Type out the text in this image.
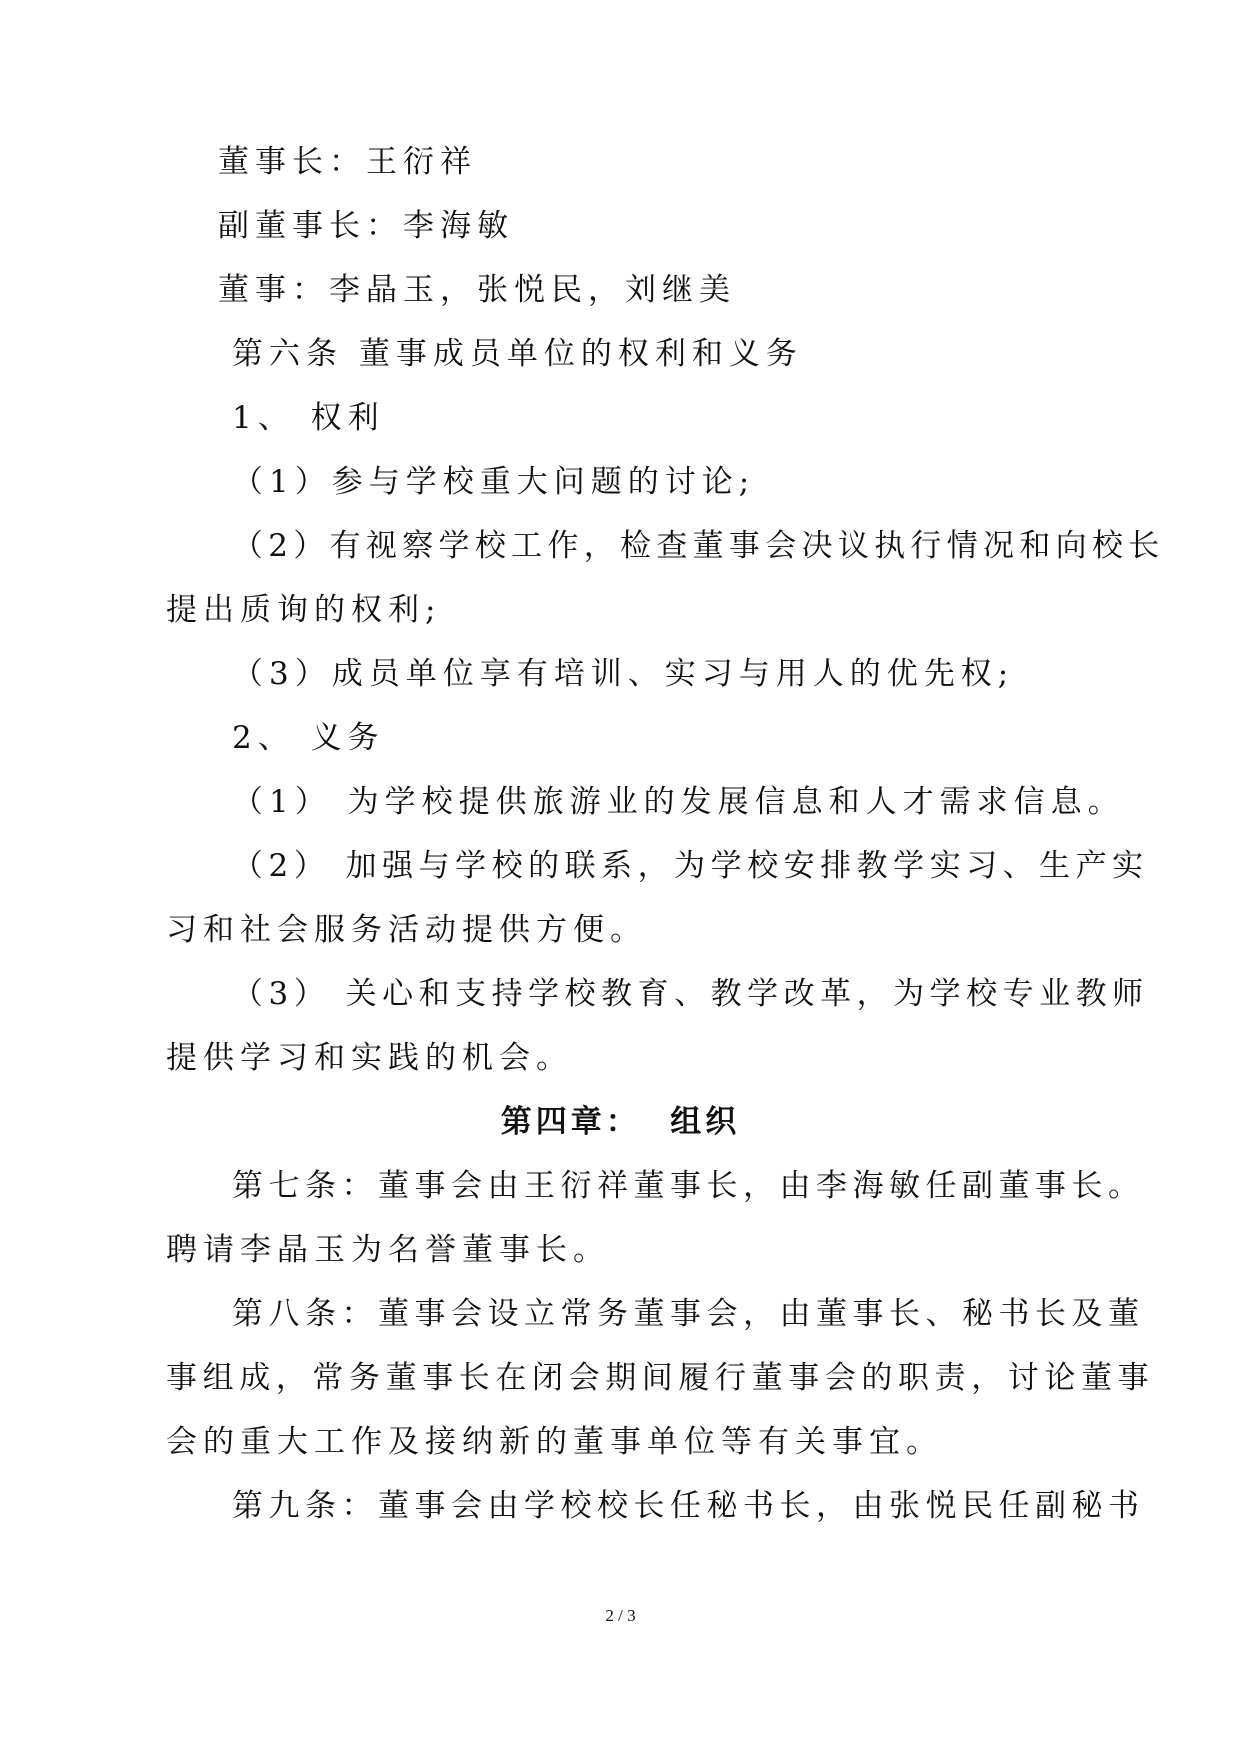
董事长：王衍祥
副董事长：李海敏
董事：李晶玉，张悦民，刘继美
第六条 董事成员单位的权利和义务
1、 权利
（1）参与学校重大问题的讨论;
（2）有视察学校工作，检查董事会决议执行情况和向校长
提出质询的权利;
（3）成员单位享有培训、实习与用人的优先权;
2、 义务
（1） 为学校提供旅游业的发展信息和人才需求信息。
（2） 加强与学校的联系，为学校安排教学实习、生产实
习和社会服务活动提供方便。
（3） 关心和支持学校教育、教学改革，为学校专业教师
提供学习和实践的机会。
第四章：  组织
第七条：董事会由王衍祥董事长，由李海敏任副董事长。
聘请李晶玉为名誉董事长。
第八条：董事会设立常务董事会，由董事长、秘书长及董
事组成，常务董事长在闭会期间履行董事会的职责，讨论董事
会的重大工作及接纳新的董事单位等有关事宜。
第九条：董事会由学校校长任秘书长，由张悦民任副秘书
2 / 3
